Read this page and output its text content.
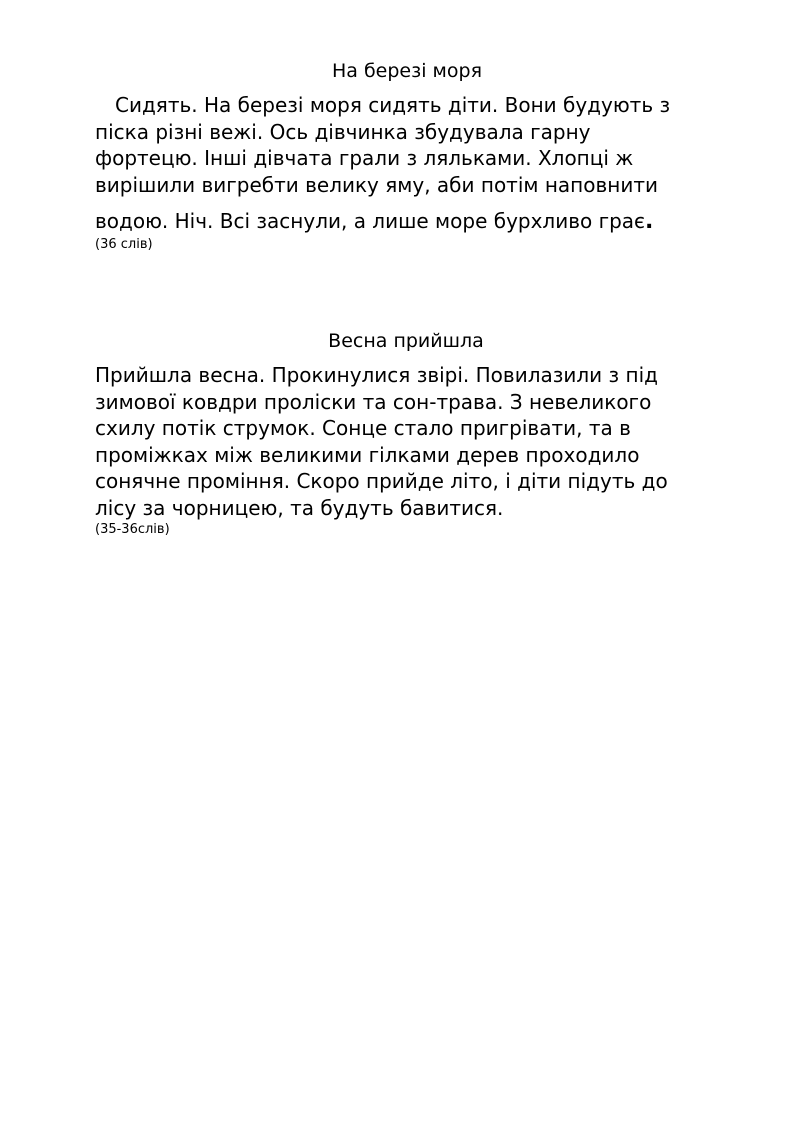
На березі моря
Сидять. На березі моря сидять діти. Вони будують з
піска різні вежі. Ось дівчинка збудувала гарну
фортецю. Інші дівчата грали з ляльками. Хлопці ж
вирішили вигребти велику яму, аби потім наповнити
водою. Ніч. Всі заснули, а лише море бурхливо грає.
(36 слів)
Весна прийшла
Прийшла весна. Прокинулися звірі. Повилазили з під
зимової ковдри проліски та сон-трава. З невеликого
схилу потік струмок. Сонце стало пригрівати, та в
проміжках між великими гілками дерев проходило
сонячне проміння. Скоро прийде літо, і діти підуть до
лісу за чорницею, та будуть бавитися.
(35-36слів)
